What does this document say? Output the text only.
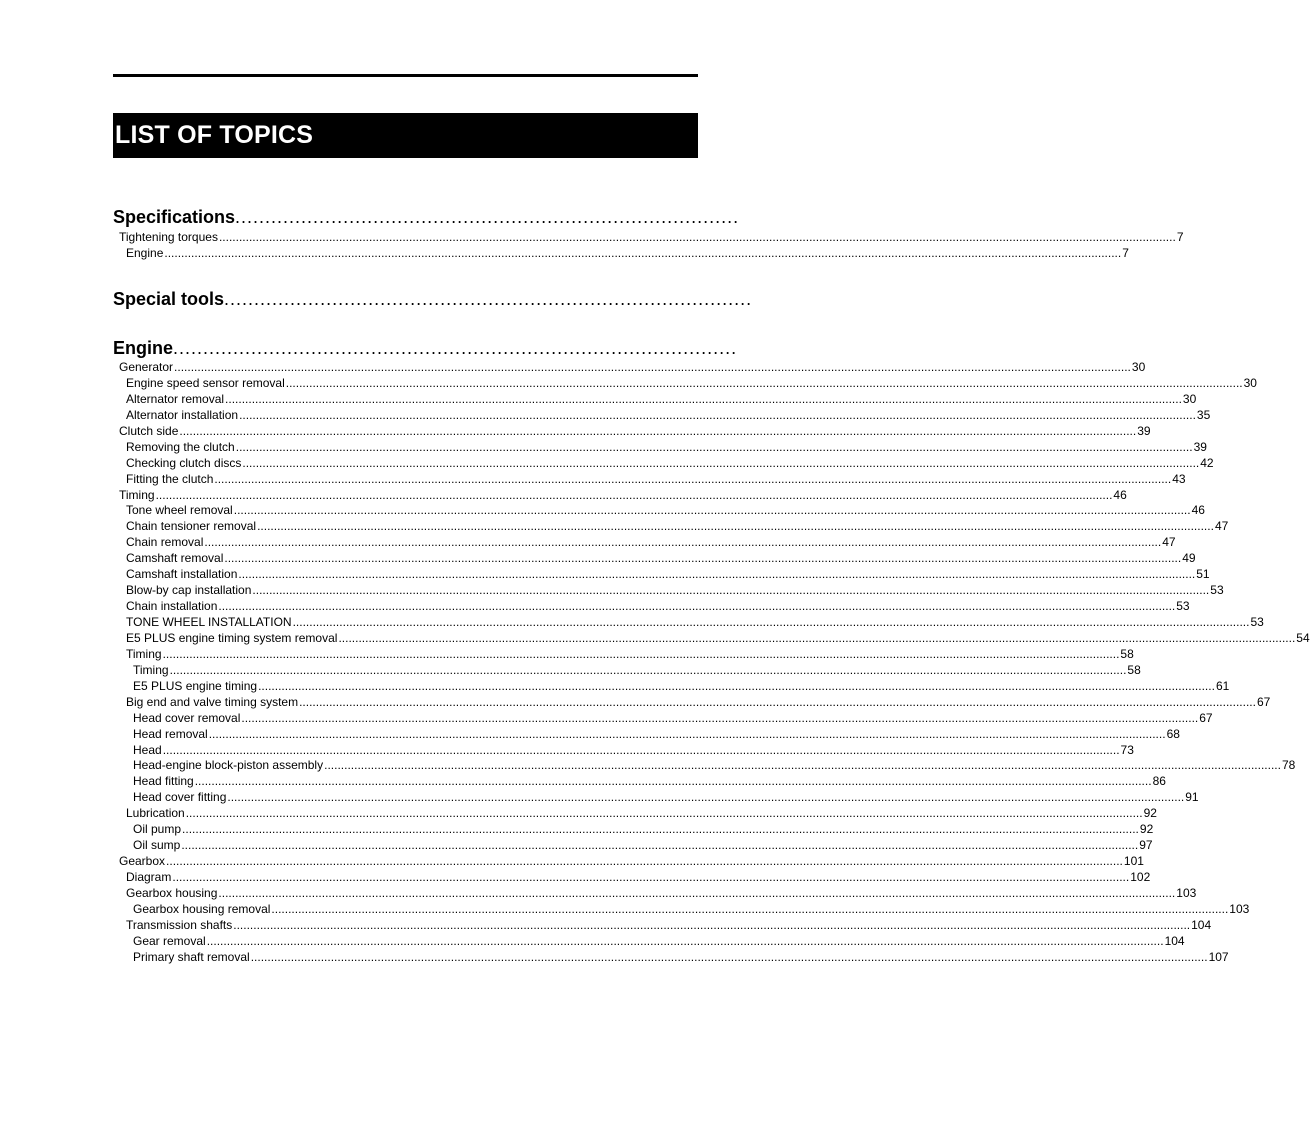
LIST OF TOPICS
Specifications....................................................................................
Tightening torques .....	7
Engine .....	7
Special tools........................................................................................
Engine..............................................................................................
Generator .....	30
Engine speed sensor removal .....	30
Alternator removal .....	30
Alternator installation .....	35
Clutch side .....	39
Removing the clutch .....	39
Checking clutch discs .....	42
Fitting the clutch .....	43
Timing .....	46
Tone wheel removal .....	46
Chain tensioner removal .....	47
Chain removal .....	47
Camshaft removal .....	49
Camshaft installation .....	51
Blow-by cap installation .....	53
Chain installation .....	53
TONE WHEEL INSTALLATION .....	53
E5 PLUS engine timing system removal .....	54
Timing .....	58
Timing .....	58
E5 PLUS engine timing .....	61
Big end and valve timing system .....	67
Head cover removal .....	67
Head removal .....	68
Head .....	73
Head-engine block-piston assembly .....	78
Head fitting .....	86
Head cover fitting .....	91
Lubrication .....	92
Oil pump .....	92
Oil sump .....	97
Gearbox .....	101
Diagram .....	102
Gearbox housing .....	103
Gearbox housing removal .....	103
Transmission shafts .....	104
Gear removal .....	104
Primary shaft removal .....	107
